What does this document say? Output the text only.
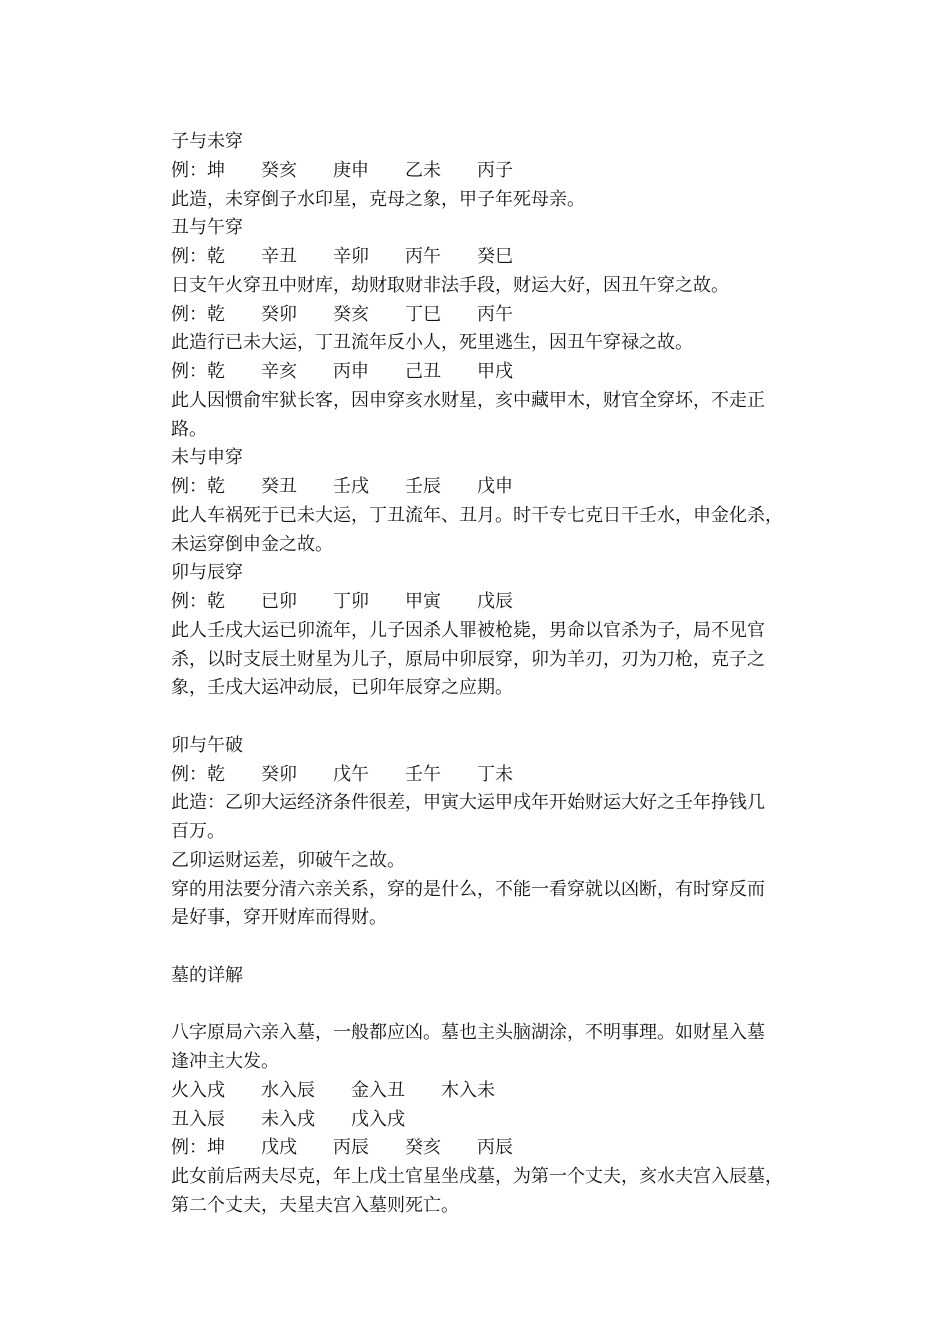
子与未穿
例：坤　　癸亥　　庚申　　乙未　　丙子
此造，未穿倒子水印星，克母之象，甲子年死母亲。
丑与午穿
例：乾　　辛丑　　辛卯　　丙午　　癸巳
日支午火穿丑中财库，劫财取财非法手段，财运大好，因丑午穿之故。
例：乾　　癸卯　　癸亥　　丁巳　　丙午
此造行已未大运，丁丑流年反小人，死里逃生，因丑午穿禄之故。
例：乾　　辛亥　　丙申　　己丑　　甲戌
此人因惯俞牢狱长客，因申穿亥水财星，亥中藏甲木，财官全穿坏，不走正
路。
未与申穿
例：乾　　癸丑　　壬戌　　壬辰　　戊申
此人车祸死于已未大运，丁丑流年、丑月。时干专七克日干壬水，申金化杀，
未运穿倒申金之故。
卯与辰穿
例：乾　　已卯　　丁卯　　甲寅　　戊辰
此人壬戌大运已卯流年，儿子因杀人罪被枪毙，男命以官杀为子，局不见官
杀，以时支辰土财星为儿子，原局中卯辰穿，卯为羊刃，刃为刀枪，克子之
象，壬戌大运冲动辰，已卯年辰穿之应期。
卯与午破
例：乾　　癸卯　　戊午　　壬午　　丁未
此造：乙卯大运经济条件很差，甲寅大运甲戌年开始财运大好之壬年挣钱几
百万。
乙卯运财运差，卯破午之故。
穿的用法要分清六亲关系，穿的是什么，不能一看穿就以凶断，有时穿反而
是好事，穿开财库而得财。
墓的详解
八字原局六亲入墓，一般都应凶。墓也主头脑湖涂，不明事理。如财星入墓
逢冲主大发。
火入戌　　水入辰　　金入丑　　木入未
丑入辰　　未入戌　　戊入戌
例：坤　　戊戌　　丙辰　　癸亥　　丙辰
此女前后两夫尽克，年上戊土官星坐戌墓，为第一个丈夫，亥水夫宫入辰墓，
第二个丈夫，夫星夫宫入墓则死亡。
